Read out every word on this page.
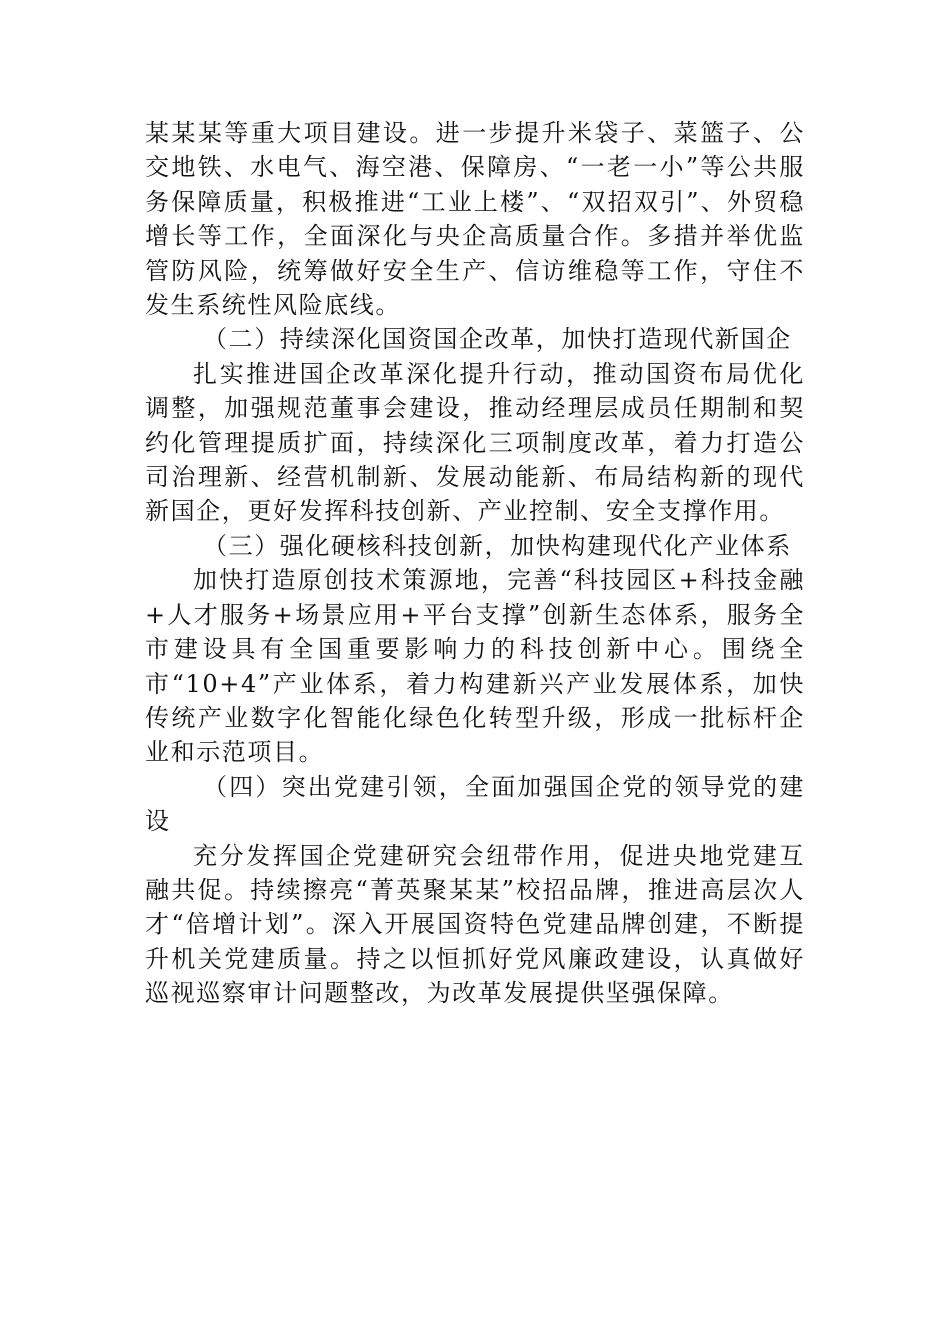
某某某等重大项目建设。进一步提升米袋子、菜篮子、公交地铁、水电气、海空港、保障房、“一老一小”等公共服务保障质量，积极推进“工业上楼”、“双招双引”、外贸稳增长等工作，全面深化与央企高质量合作。多措并举优监管防风险，统筹做好安全生产、信访维稳等工作，守住不发生系统性风险底线。

（二）持续深化国资国企改革，加快打造现代新国企

扎实推进国企改革深化提升行动，推动国资布局优化调整，加强规范董事会建设，推动经理层成员任期制和契约化管理提质扩面，持续深化三项制度改革，着力打造公司治理新、经营机制新、发展动能新、布局结构新的现代新国企，更好发挥科技创新、产业控制、安全支撑作用。

（三）强化硬核科技创新，加快构建现代化产业体系

加快打造原创技术策源地，完善“科技园区+科技金融+人才服务+场景应用+平台支撑”创新生态体系，服务全市建设具有全国重要影响力的科技创新中心。围绕全市“10+4”产业体系，着力构建新兴产业发展体系，加快传统产业数字化智能化绿色化转型升级，形成一批标杆企业和示范项目。

（四）突出党建引领，全面加强国企党的领导党的建设

充分发挥国企党建研究会纽带作用，促进央地党建互融共促。持续擦亮“菁英聚某某”校招品牌，推进高层次人才“倍增计划”。深入开展国资特色党建品牌创建，不断提升机关党建质量。持之以恒抓好党风廉政建设，认真做好巡视巡察审计问题整改，为改革发展提供坚强保障。
